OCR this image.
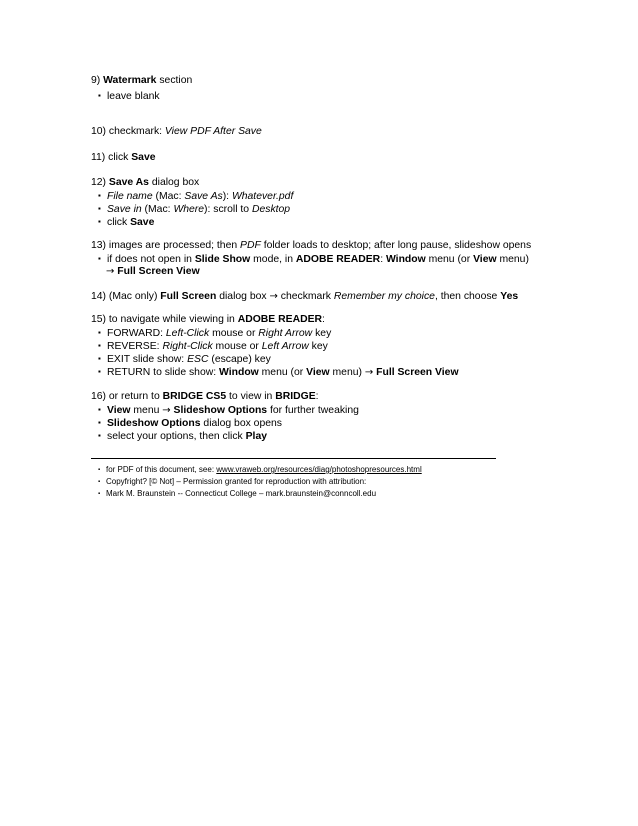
9) Watermark section
▪ leave blank
10) checkmark: View PDF After Save
11) click Save
12) Save As dialog box
▪ File name (Mac: Save As): Whatever.pdf
▪ Save in (Mac: Where): scroll to Desktop
▪ click Save
13) images are processed; then PDF folder loads to desktop; after long pause, slideshow opens
▪ if does not open in Slide Show mode, in ADOBE READER: Window menu (or View menu)
→ Full Screen View
14) (Mac only) Full Screen dialog box → checkmark Remember my choice, then choose Yes
15) to navigate while viewing in ADOBE READER:
▪ FORWARD: Left-Click mouse or Right Arrow key
▪ REVERSE: Right-Click mouse or Left Arrow key
▪ EXIT slide show: ESC (escape) key
▪ RETURN to slide show: Window menu (or View menu) → Full Screen View
16) or return to BRIDGE CS5 to view in BRIDGE:
▪ View menu → Slideshow Options for further tweaking
▪ Slideshow Options dialog box opens
▪ select your options, then click Play
▪ for PDF of this document, see: www.vraweb.org/resources/diag/photoshopresources.html
▪ Copyfright? [© Not] – Permission granted for reproduction with attribution:
▪ Mark M. Braunstein -- Connecticut College – mark.braunstein@conncoll.edu
